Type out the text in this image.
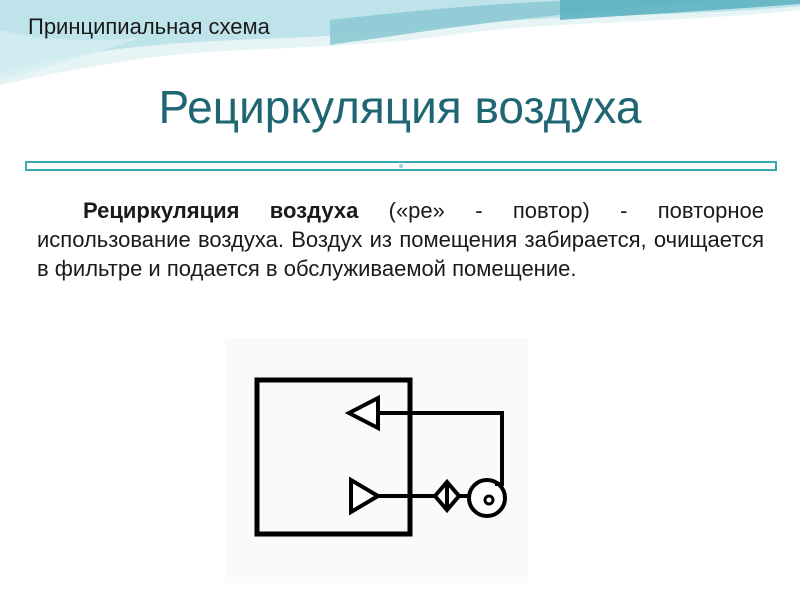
Принципиальная схема
Рециркуляция воздуха
Рециркуляция воздуха («ре» - повтор) - повторное использование воздуха. Воздух из помещения забирается, очищается в фильтре и подается в обслуживаемой помещение.
